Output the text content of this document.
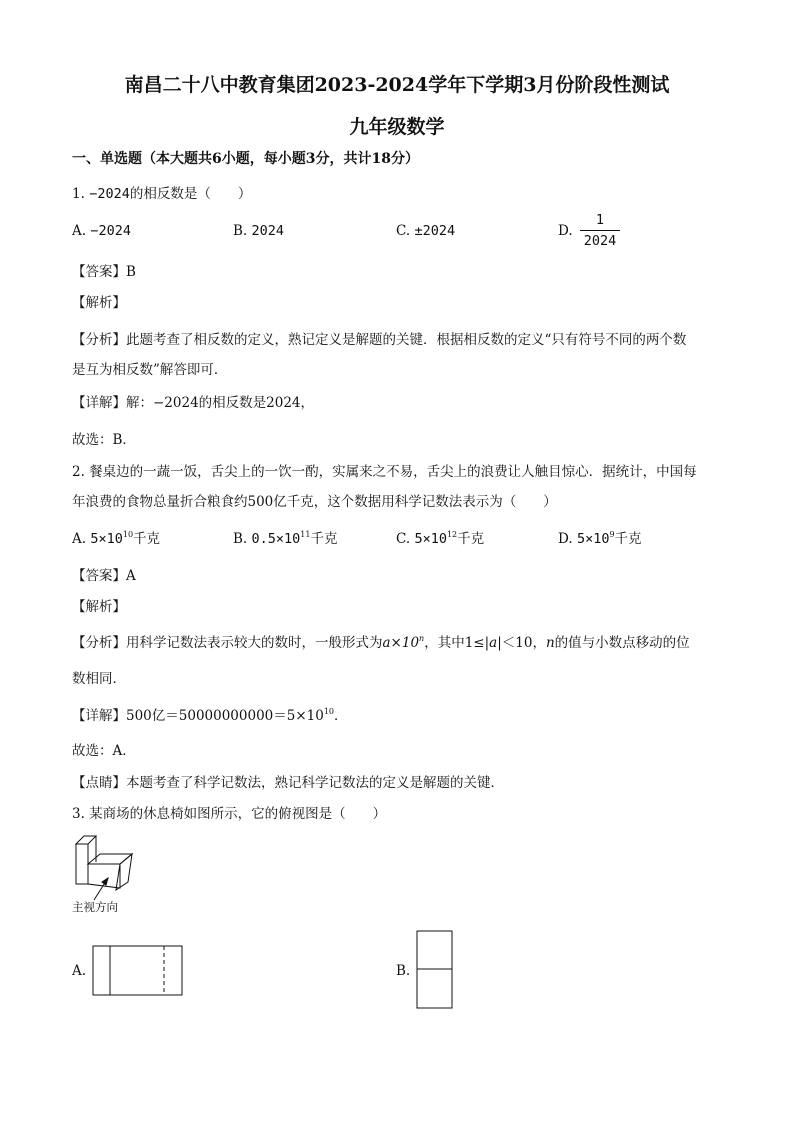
南昌二十八中教育集团2023-2024学年下学期3月份阶段性测试
九年级数学
一、单选题（本大题共6小题，每小题3分，共计18分）
1. −2024的相反数是（　　）
A. −2024	B. 2024	C. ±2024	D.
1
2024
【答案】B
【解析】
【分析】此题考查了相反数的定义，熟记定义是解题的关键．根据相反数的定义“只有符号不同的两个数
是互为相反数”解答即可．
【详解】解：−2024的相反数是2024，
故选：B．
2. 餐桌边的一蔬一饭，舌尖上的一饮一酌，实属来之不易，舌尖上的浪费让人触目惊心．据统计，中国每
年浪费的食物总量折合粮食约500亿千克，这个数据用科学记数法表示为（　　）
A. $5\times 10^{10}$千克	B. $0.5\times 10^{11}$千克	C. $5\times 10^{12}$千克	D. $5\times 10^9$千克
【答案】A
【解析】
【分析】用科学记数法表示较大的数时，一般形式为$a\times 10^n$，其中1≤|a|＜10，n的值与小数点移动的位
数相同．
【详解】500亿$=50000000000=5\times 10^{10}$．
故选：A．
【点睛】本题考查了科学记数法，熟记科学记数法的定义是解题的关键．
3. 某商场的休息椅如图所示，它的俯视图是（　　）
主视方向
A.	B.
